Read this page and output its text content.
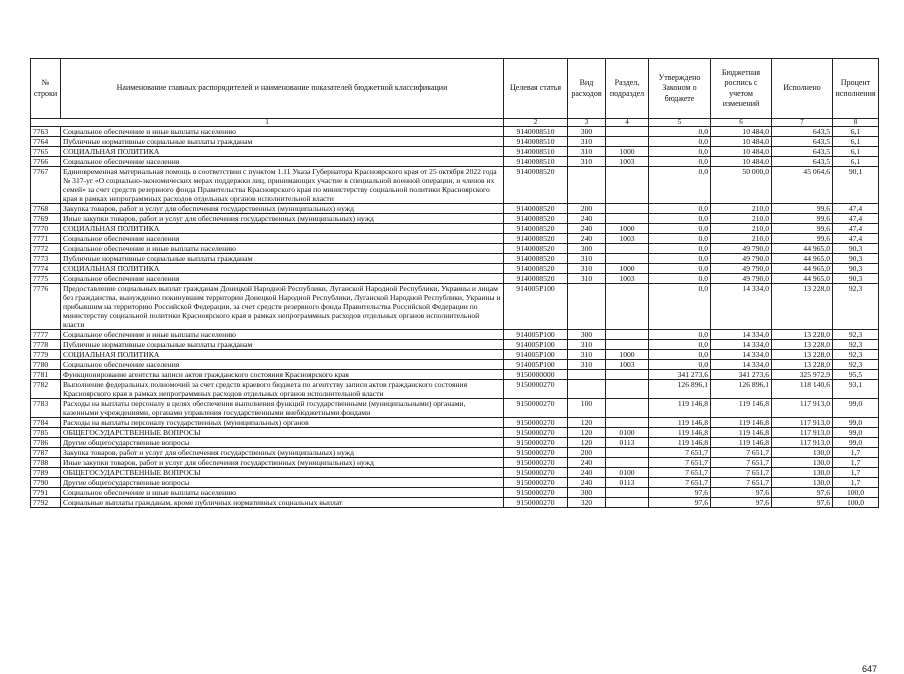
№ строки	Наименование главных распорядителей и наименование показателей бюджетной классификации	Целевая статья	Вид расходов	Раздел, подраздел	Утверждено Законом о бюджете	Бюджетная роспись с учетом изменений	Исполнено	Процент исполнения
1		2	3	4	5	6	7	8
7763	Социальное обеспечение и иные выплаты населению	9140008510	300		0,0	10 484,0	643,5	6,1
7764	Публичные нормативные социальные выплаты гражданам	9140008510	310		0,0	10 484,0	643,5	6,1
7765	СОЦИАЛЬНАЯ ПОЛИТИКА	9140008510	310	1000	0,0	10 484,0	643,5	6,1
7766	Социальное обеспечение населения	9140008510	310	1003	0,0	10 484,0	643,5	6,1
7767	Единовременная материальная помощь в соответствии с пунктом 1.11 Указа Губернатора Красноярского края от 25 октября 2022 года № 317-уг «О социально-экономических мерах поддержки лиц, принимающих участие в специальной военной операции, и членов их семей» за счет средств резервного фонда Правительства Красноярского края по министерству социальной политики Красноярского края в рамках непрограммных расходов отдельных органов исполнительной власти	9140008520			0,0	50 000,0	45 064,6	90,1
7768	Закупка товаров, работ и услуг для обеспечения государственных (муниципальных) нужд	9140008520	200		0,0	210,0	99,6	47,4
7769	Иные закупки товаров, работ и услуг для обеспечения государственных (муниципальных) нужд	9140008520	240		0,0	210,0	99,6	47,4
7770	СОЦИАЛЬНАЯ ПОЛИТИКА	9140008520	240	1000	0,0	210,0	99,6	47,4
7771	Социальное обеспечение населения	9140008520	240	1003	0,0	210,0	99,6	47,4
7772	Социальное обеспечение и иные выплаты населению	9140008520	300		0,0	49 790,0	44 965,0	90,3
7773	Публичные нормативные социальные выплаты гражданам	9140008520	310		0,0	49 790,0	44 965,0	90,3
7774	СОЦИАЛЬНАЯ ПОЛИТИКА	9140008520	310	1000	0,0	49 790,0	44 965,0	90,3
7775	Социальное обеспечение населения	9140008520	310	1003	0,0	49 790,0	44 965,0	90,3
7776	Предоставление социальных выплат гражданам Донецкой Народной Республики, Луганской Народной Республики, Украины и лицам без гражданства, вынужденно покинувшим территории Донецкой Народной Республики, Луганской Народной Республики, Украины и прибывшим на территорию Российской Федерации, за счет средств резервного фонда Правительства Российской Федерации по министерству социальной политики Красноярского края в рамках непрограммных расходов отдельных органов исполнительной власти	914005P100			0,0	14 334,0	13 228,0	92,3
7777	Социальное обеспечение и иные выплаты населению	914005P100	300		0,0	14 334,0	13 228,0	92,3
7778	Публичные нормативные социальные выплаты гражданам	914005P100	310		0,0	14 334,0	13 228,0	92,3
7779	СОЦИАЛЬНАЯ ПОЛИТИКА	914005P100	310	1000	0,0	14 334,0	13 228,0	92,3
7780	Социальное обеспечение населения	914005P100	310	1003	0,0	14 334,0	13 228,0	92,3
7781	Функционирование агентства записи актов гражданского состояния Красноярского края	9150000000			341 273,6	341 273,6	325 972,9	95,5
7782	Выполнение федеральных полномочий за счет средств краевого бюджета по агентству записи актов гражданского состояния Красноярского края в рамках непрограммных расходов отдельных органов исполнительной власти	9150000270			126 896,1	126 896,1	118 140,6	93,1
7783	Расходы на выплаты персоналу в целях обеспечения выполнения функций государственными (муниципальными) органами, казенными учреждениями, органами управления государственными внебюджетными фондами	9150000270	100		119 146,8	119 146,8	117 913,0	99,0
7784	Расходы на выплаты персоналу государственных (муниципальных) органов	9150000270	120		119 146,8	119 146,8	117 913,0	99,0
7785	ОБЩЕГОСУДАРСТВЕННЫЕ ВОПРОСЫ	9150000270	120	0100	119 146,8	119 146,8	117 913,0	99,0
7786	Другие общегосударственные вопросы	9150000270	120	0113	119 146,8	119 146,8	117 913,0	99,0
7787	Закупка товаров, работ и услуг для обеспечения государственных (муниципальных) нужд	9150000270	200		7 651,7	7 651,7	130,0	1,7
7788	Иные закупки товаров, работ и услуг для обеспечения государственных (муниципальных) нужд	9150000270	240		7 651,7	7 651,7	130,0	1,7
7789	ОБЩЕГОСУДАРСТВЕННЫЕ ВОПРОСЫ	9150000270	240	0100	7 651,7	7 651,7	130,0	1,7
7790	Другие общегосударственные вопросы	9150000270	240	0113	7 651,7	7 651,7	130,0	1,7
7791	Социальное обеспечение и иные выплаты населению	9150000270	300		97,6	97,6	97,6	100,0
7792	Социальные выплаты гражданам, кроме публичных нормативных социальных выплат	9150000270	320		97,6	97,6	97,6	100,0
647
